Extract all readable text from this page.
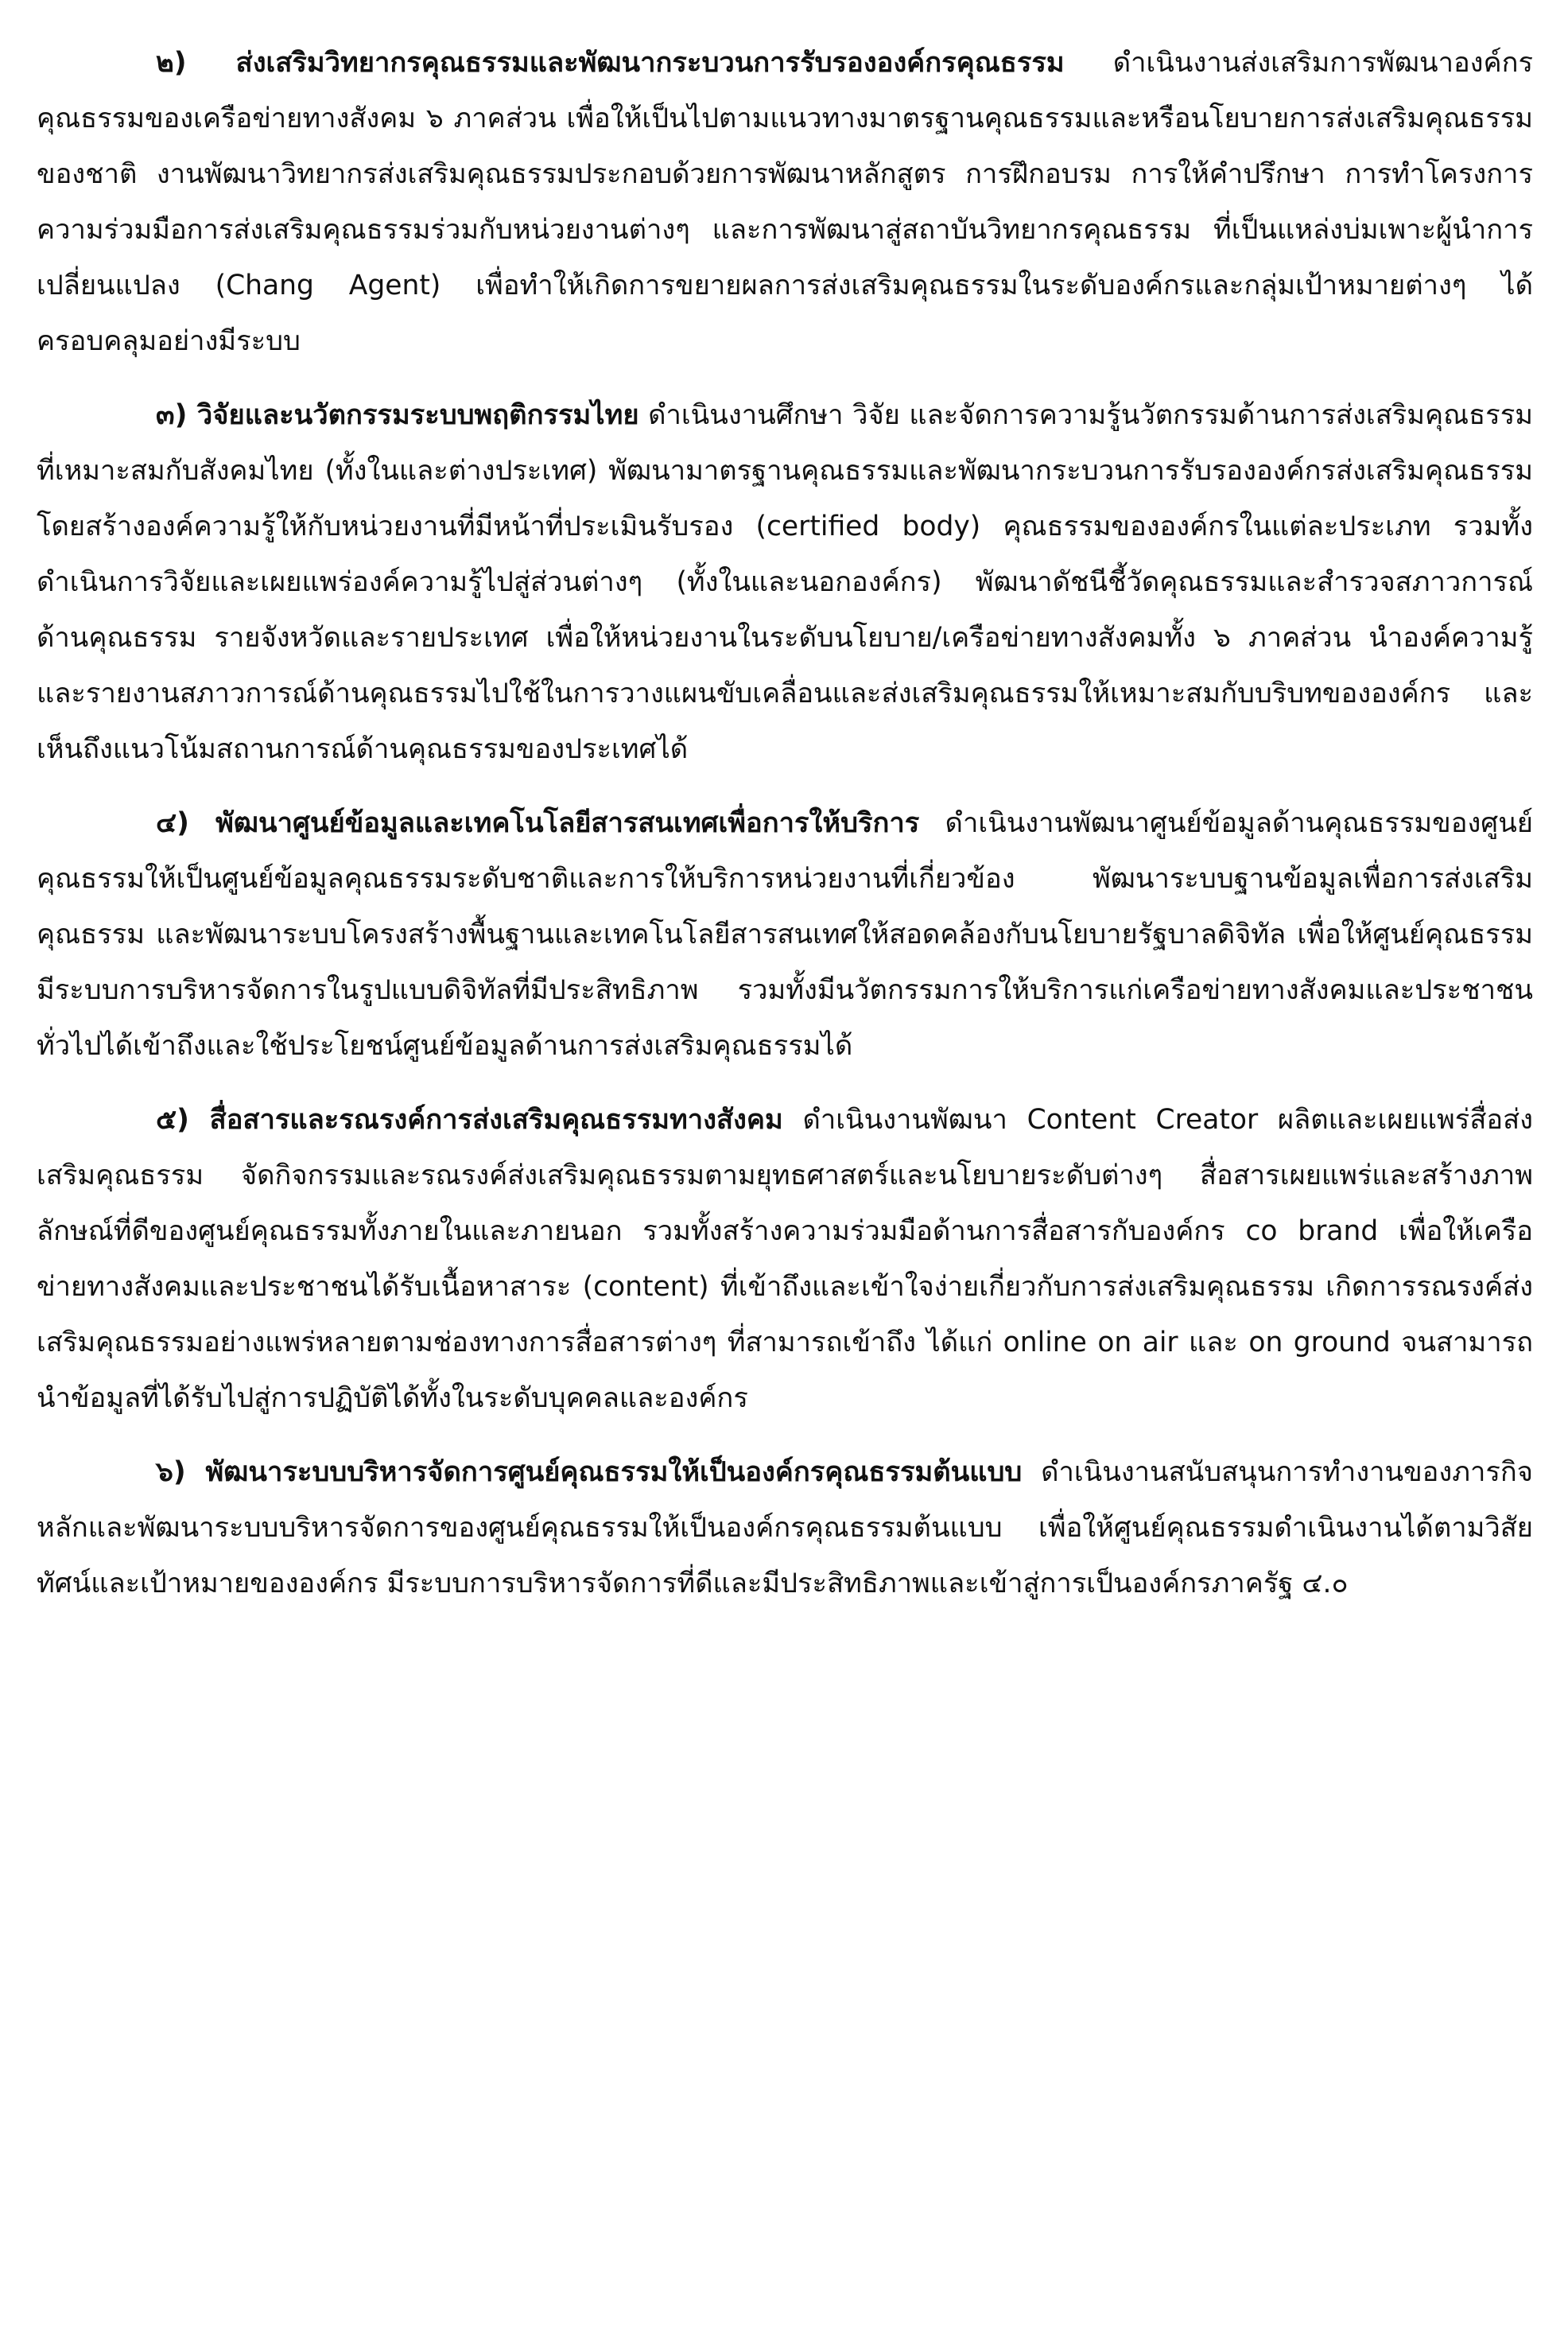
๒) ส่งเสริมวิทยากรคุณธรรมและพัฒนากระบวนการรับรององค์กรคุณธรรม ดำเนินงานส่งเสริมการพัฒนาองค์กรคุณธรรมของเครือข่ายทางสังคม ๖ ภาคส่วน เพื่อให้เป็นไปตามแนวทางมาตรฐานคุณธรรมและหรือนโยบายการส่งเสริมคุณธรรมของชาติ งานพัฒนาวิทยากรส่งเสริมคุณธรรมประกอบด้วยการพัฒนาหลักสูตร การฝึกอบรม การให้คำปรึกษา การทำโครงการความร่วมมือการส่งเสริมคุณธรรมร่วมกับหน่วยงานต่างๆ และการพัฒนาสู่สถาบันวิทยากรคุณธรรม ที่เป็นแหล่งบ่มเพาะผู้นำการเปลี่ยนแปลง (Chang Agent) เพื่อทำให้เกิดการขยายผลการส่งเสริมคุณธรรมในระดับองค์กรและกลุ่มเป้าหมายต่างๆ ได้ครอบคลุมอย่างมีระบบ

๓) วิจัยและนวัตกรรมระบบพฤติกรรมไทย ดำเนินงานศึกษา วิจัย และจัดการความรู้นวัตกรรมด้านการส่งเสริมคุณธรรมที่เหมาะสมกับสังคมไทย (ทั้งในและต่างประเทศ) พัฒนามาตรฐานคุณธรรมและพัฒนากระบวนการรับรององค์กรส่งเสริมคุณธรรม โดยสร้างองค์ความรู้ให้กับหน่วยงานที่มีหน้าที่ประเมินรับรอง (certified body) คุณธรรมขององค์กรในแต่ละประเภท รวมทั้งดำเนินการวิจัยและเผยแพร่องค์ความรู้ไปสู่ส่วนต่างๆ (ทั้งในและนอกองค์กร) พัฒนาดัชนีชี้วัดคุณธรรมและสำรวจสภาวการณ์ด้านคุณธรรม รายจังหวัดและรายประเทศ เพื่อให้หน่วยงานในระดับนโยบาย/เครือข่ายทางสังคมทั้ง ๖ ภาคส่วน นำองค์ความรู้และรายงานสภาวการณ์ด้านคุณธรรมไปใช้ในการวางแผนขับเคลื่อนและส่งเสริมคุณธรรมให้เหมาะสมกับบริบทขององค์กร และเห็นถึงแนวโน้มสถานการณ์ด้านคุณธรรมของประเทศได้

๔) พัฒนาศูนย์ข้อมูลและเทคโนโลยีสารสนเทศเพื่อการให้บริการ ดำเนินงานพัฒนาศูนย์ข้อมูลด้านคุณธรรมของศูนย์คุณธรรมให้เป็นศูนย์ข้อมูลคุณธรรมระดับชาติและการให้บริการหน่วยงานที่เกี่ยวข้อง พัฒนาระบบฐานข้อมูลเพื่อการส่งเสริมคุณธรรม และพัฒนาระบบโครงสร้างพื้นฐานและเทคโนโลยีสารสนเทศให้สอดคล้องกับนโยบายรัฐบาลดิจิทัล เพื่อให้ศูนย์คุณธรรมมีระบบการบริหารจัดการในรูปแบบดิจิทัลที่มีประสิทธิภาพ รวมทั้งมีนวัตกรรมการให้บริการแก่เครือข่ายทางสังคมและประชาชนทั่วไปได้เข้าถึงและใช้ประโยชน์ศูนย์ข้อมูลด้านการส่งเสริมคุณธรรมได้

๕) สื่อสารและรณรงค์การส่งเสริมคุณธรรมทางสังคม ดำเนินงานพัฒนา Content Creator ผลิตและเผยแพร่สื่อส่งเสริมคุณธรรม จัดกิจกรรมและรณรงค์ส่งเสริมคุณธรรมตามยุทธศาสตร์และนโยบายระดับต่างๆ สื่อสารเผยแพร่และสร้างภาพลักษณ์ที่ดีของศูนย์คุณธรรมทั้งภายในและภายนอก รวมทั้งสร้างความร่วมมือด้านการสื่อสารกับองค์กร co brand เพื่อให้เครือข่ายทางสังคมและประชาชนได้รับเนื้อหาสาระ (content) ที่เข้าถึงและเข้าใจง่ายเกี่ยวกับการส่งเสริมคุณธรรม เกิดการรณรงค์ส่งเสริมคุณธรรมอย่างแพร่หลายตามช่องทางการสื่อสารต่างๆ ที่สามารถเข้าถึง ได้แก่ online on air และ on ground จนสามารถนำข้อมูลที่ได้รับไปสู่การปฏิบัติได้ทั้งในระดับบุคคลและองค์กร

๖) พัฒนาระบบบริหารจัดการศูนย์คุณธรรมให้เป็นองค์กรคุณธรรมต้นแบบ ดำเนินงานสนับสนุนการทำงานของภารกิจหลักและพัฒนาระบบบริหารจัดการของศูนย์คุณธรรมให้เป็นองค์กรคุณธรรมต้นแบบ เพื่อให้ศูนย์คุณธรรมดำเนินงานได้ตามวิสัยทัศน์และเป้าหมายขององค์กร มีระบบการบริหารจัดการที่ดีและมีประสิทธิภาพและเข้าสู่การเป็นองค์กรภาครัฐ ๔.๐
